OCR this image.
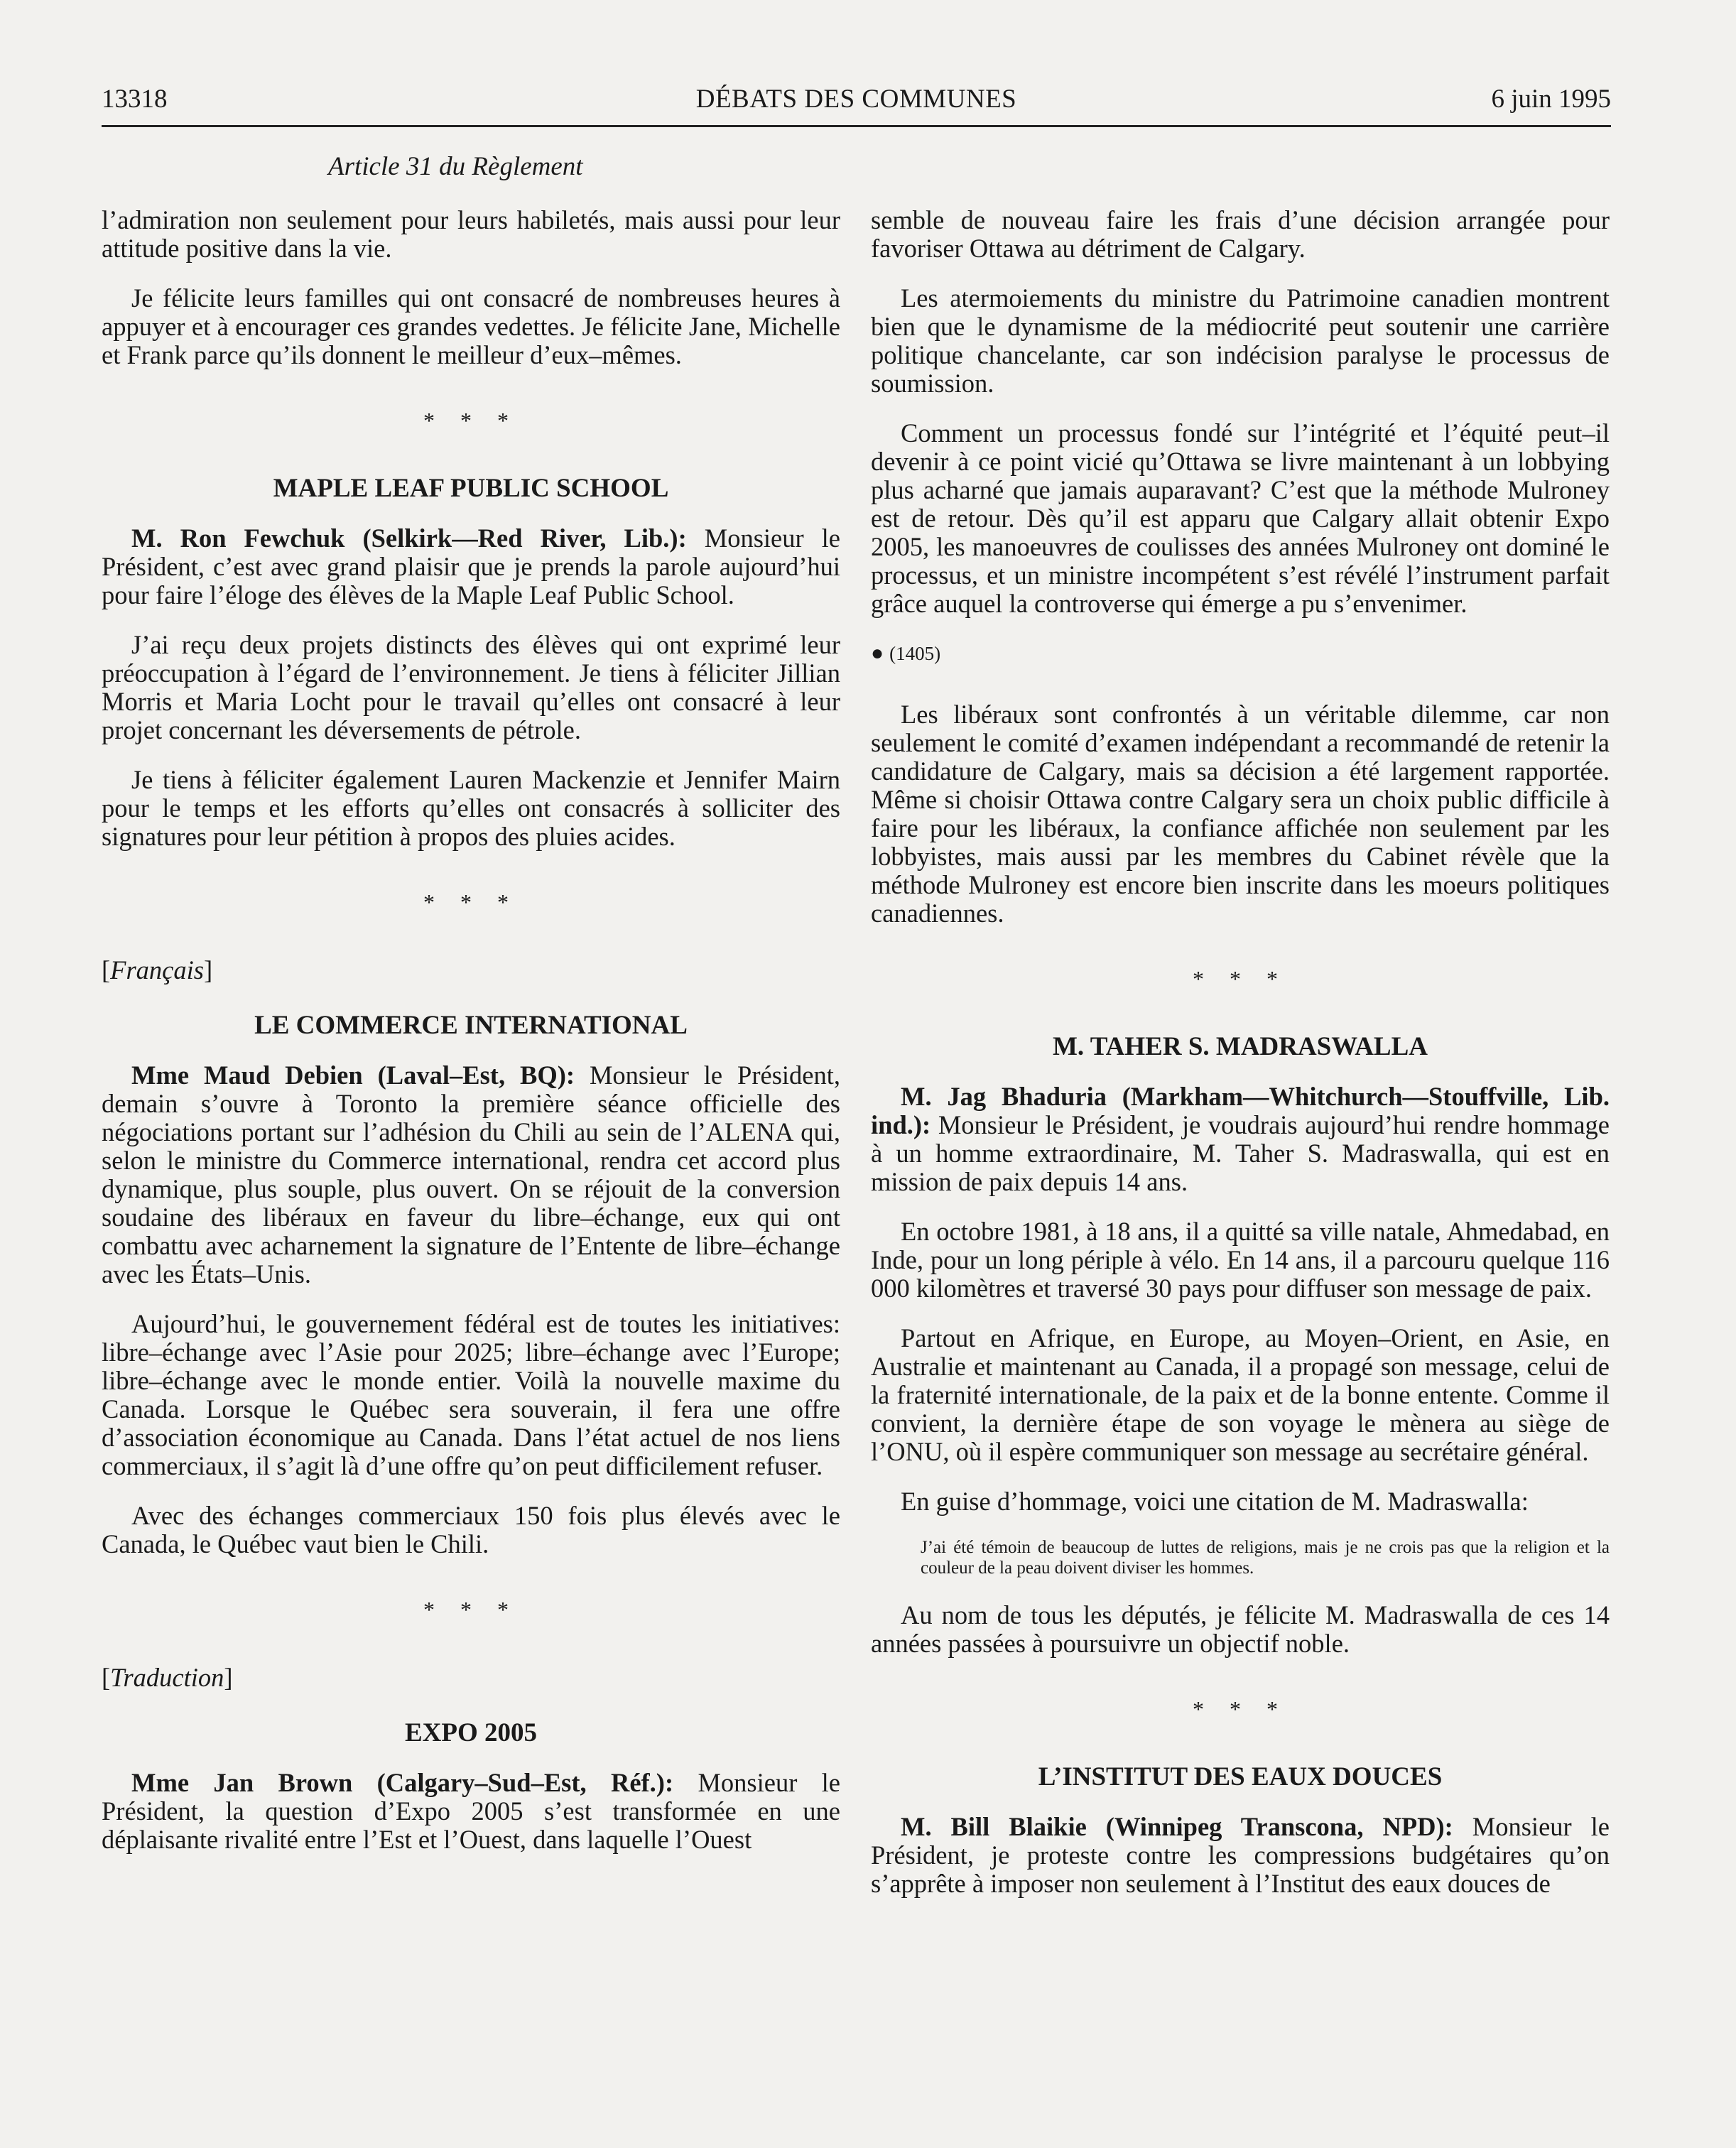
13318	DÉBATS DES COMMUNES	6 juin 1995
Article 31 du Règlement

l’admiration non seulement pour leurs habiletés, mais aussi pour leur attitude positive dans la vie.

Je félicite leurs familles qui ont consacré de nombreuses heures à appuyer et à encourager ces grandes vedettes. Je félicite Jane, Michelle et Frank parce qu’ils donnent le meilleur d’eux–mêmes.

* * *
MAPLE LEAF PUBLIC SCHOOL

M. Ron Fewchuk (Selkirk—Red River, Lib.): Monsieur le Président, c’est avec grand plaisir que je prends la parole aujourd’hui pour faire l’éloge des élèves de la Maple Leaf Public School.

J’ai reçu deux projets distincts des élèves qui ont exprimé leur préoccupation à l’égard de l’environnement. Je tiens à féliciter Jillian Morris et Maria Locht pour le travail qu’elles ont consacré à leur projet concernant les déversements de pétrole.

Je tiens à féliciter également Lauren Mackenzie et Jennifer Mairn pour le temps et les efforts qu’elles ont consacrés à solliciter des signatures pour leur pétition à propos des pluies acides.

* * *
[Français]
LE COMMERCE INTERNATIONAL

Mme Maud Debien (Laval–Est, BQ): Monsieur le Président, demain s’ouvre à Toronto la première séance officielle des négociations portant sur l’adhésion du Chili au sein de l’ALENA qui, selon le ministre du Commerce international, rendra cet accord plus dynamique, plus souple, plus ouvert. On se réjouit de la conversion soudaine des libéraux en faveur du libre–échange, eux qui ont combattu avec acharnement la signature de l’Entente de libre–échange avec les États–Unis.

Aujourd’hui, le gouvernement fédéral est de toutes les initiatives: libre–échange avec l’Asie pour 2025; libre–échange avec l’Europe; libre–échange avec le monde entier. Voilà la nouvelle maxime du Canada. Lorsque le Québec sera souverain, il fera une offre d’association économique au Canada. Dans l’état actuel de nos liens commerciaux, il s’agit là d’une offre qu’on peut difficilement refuser.

Avec des échanges commerciaux 150 fois plus élevés avec le Canada, le Québec vaut bien le Chili.

* * *
[Traduction]
EXPO 2005

Mme Jan Brown (Calgary–Sud–Est, Réf.): Monsieur le Président, la question d’Expo 2005 s’est transformée en une déplaisante rivalité entre l’Est et l’Ouest, dans laquelle l’Ouest

semble de nouveau faire les frais d’une décision arrangée pour favoriser Ottawa au détriment de Calgary.

Les atermoiements du ministre du Patrimoine canadien montrent bien que le dynamisme de la médiocrité peut soutenir une carrière politique chancelante, car son indécision paralyse le processus de soumission.

Comment un processus fondé sur l’intégrité et l’équité peut–il devenir à ce point vicié qu’Ottawa se livre maintenant à un lobbying plus acharné que jamais auparavant? C’est que la méthode Mulroney est de retour. Dès qu’il est apparu que Calgary allait obtenir Expo 2005, les manoeuvres de coulisses des années Mulroney ont dominé le processus, et un ministre incompétent s’est révélé l’instrument parfait grâce auquel la controverse qui émerge a pu s’envenimer.

● (1405)

Les libéraux sont confrontés à un véritable dilemme, car non seulement le comité d’examen indépendant a recommandé de retenir la candidature de Calgary, mais sa décision a été largement rapportée. Même si choisir Ottawa contre Calgary sera un choix public difficile à faire pour les libéraux, la confiance affichée non seulement par les lobbyistes, mais aussi par les membres du Cabinet révèle que la méthode Mulroney est encore bien inscrite dans les moeurs politiques canadiennes.

* * *
M. TAHER S. MADRASWALLA

M. Jag Bhaduria (Markham—Whitchurch—Stouffville, Lib. ind.): Monsieur le Président, je voudrais aujourd’hui rendre hommage à un homme extraordinaire, M. Taher S. Madraswalla, qui est en mission de paix depuis 14 ans.

En octobre 1981, à 18 ans, il a quitté sa ville natale, Ahmedabad, en Inde, pour un long périple à vélo. En 14 ans, il a parcouru quelque 116 000 kilomètres et traversé 30 pays pour diffuser son message de paix.

Partout en Afrique, en Europe, au Moyen–Orient, en Asie, en Australie et maintenant au Canada, il a propagé son message, celui de la fraternité internationale, de la paix et de la bonne entente. Comme il convient, la dernière étape de son voyage le mènera au siège de l’ONU, où il espère communiquer son message au secrétaire général.

En guise d’hommage, voici une citation de M. Madraswalla:

J’ai été témoin de beaucoup de luttes de religions, mais je ne crois pas que la religion et la couleur de la peau doivent diviser les hommes.

Au nom de tous les députés, je félicite M. Madraswalla de ces 14 années passées à poursuivre un objectif noble.

* * *
L’INSTITUT DES EAUX DOUCES

M. Bill Blaikie (Winnipeg Transcona, NPD): Monsieur le Président, je proteste contre les compressions budgétaires qu’on s’apprête à imposer non seulement à l’Institut des eaux douces de
